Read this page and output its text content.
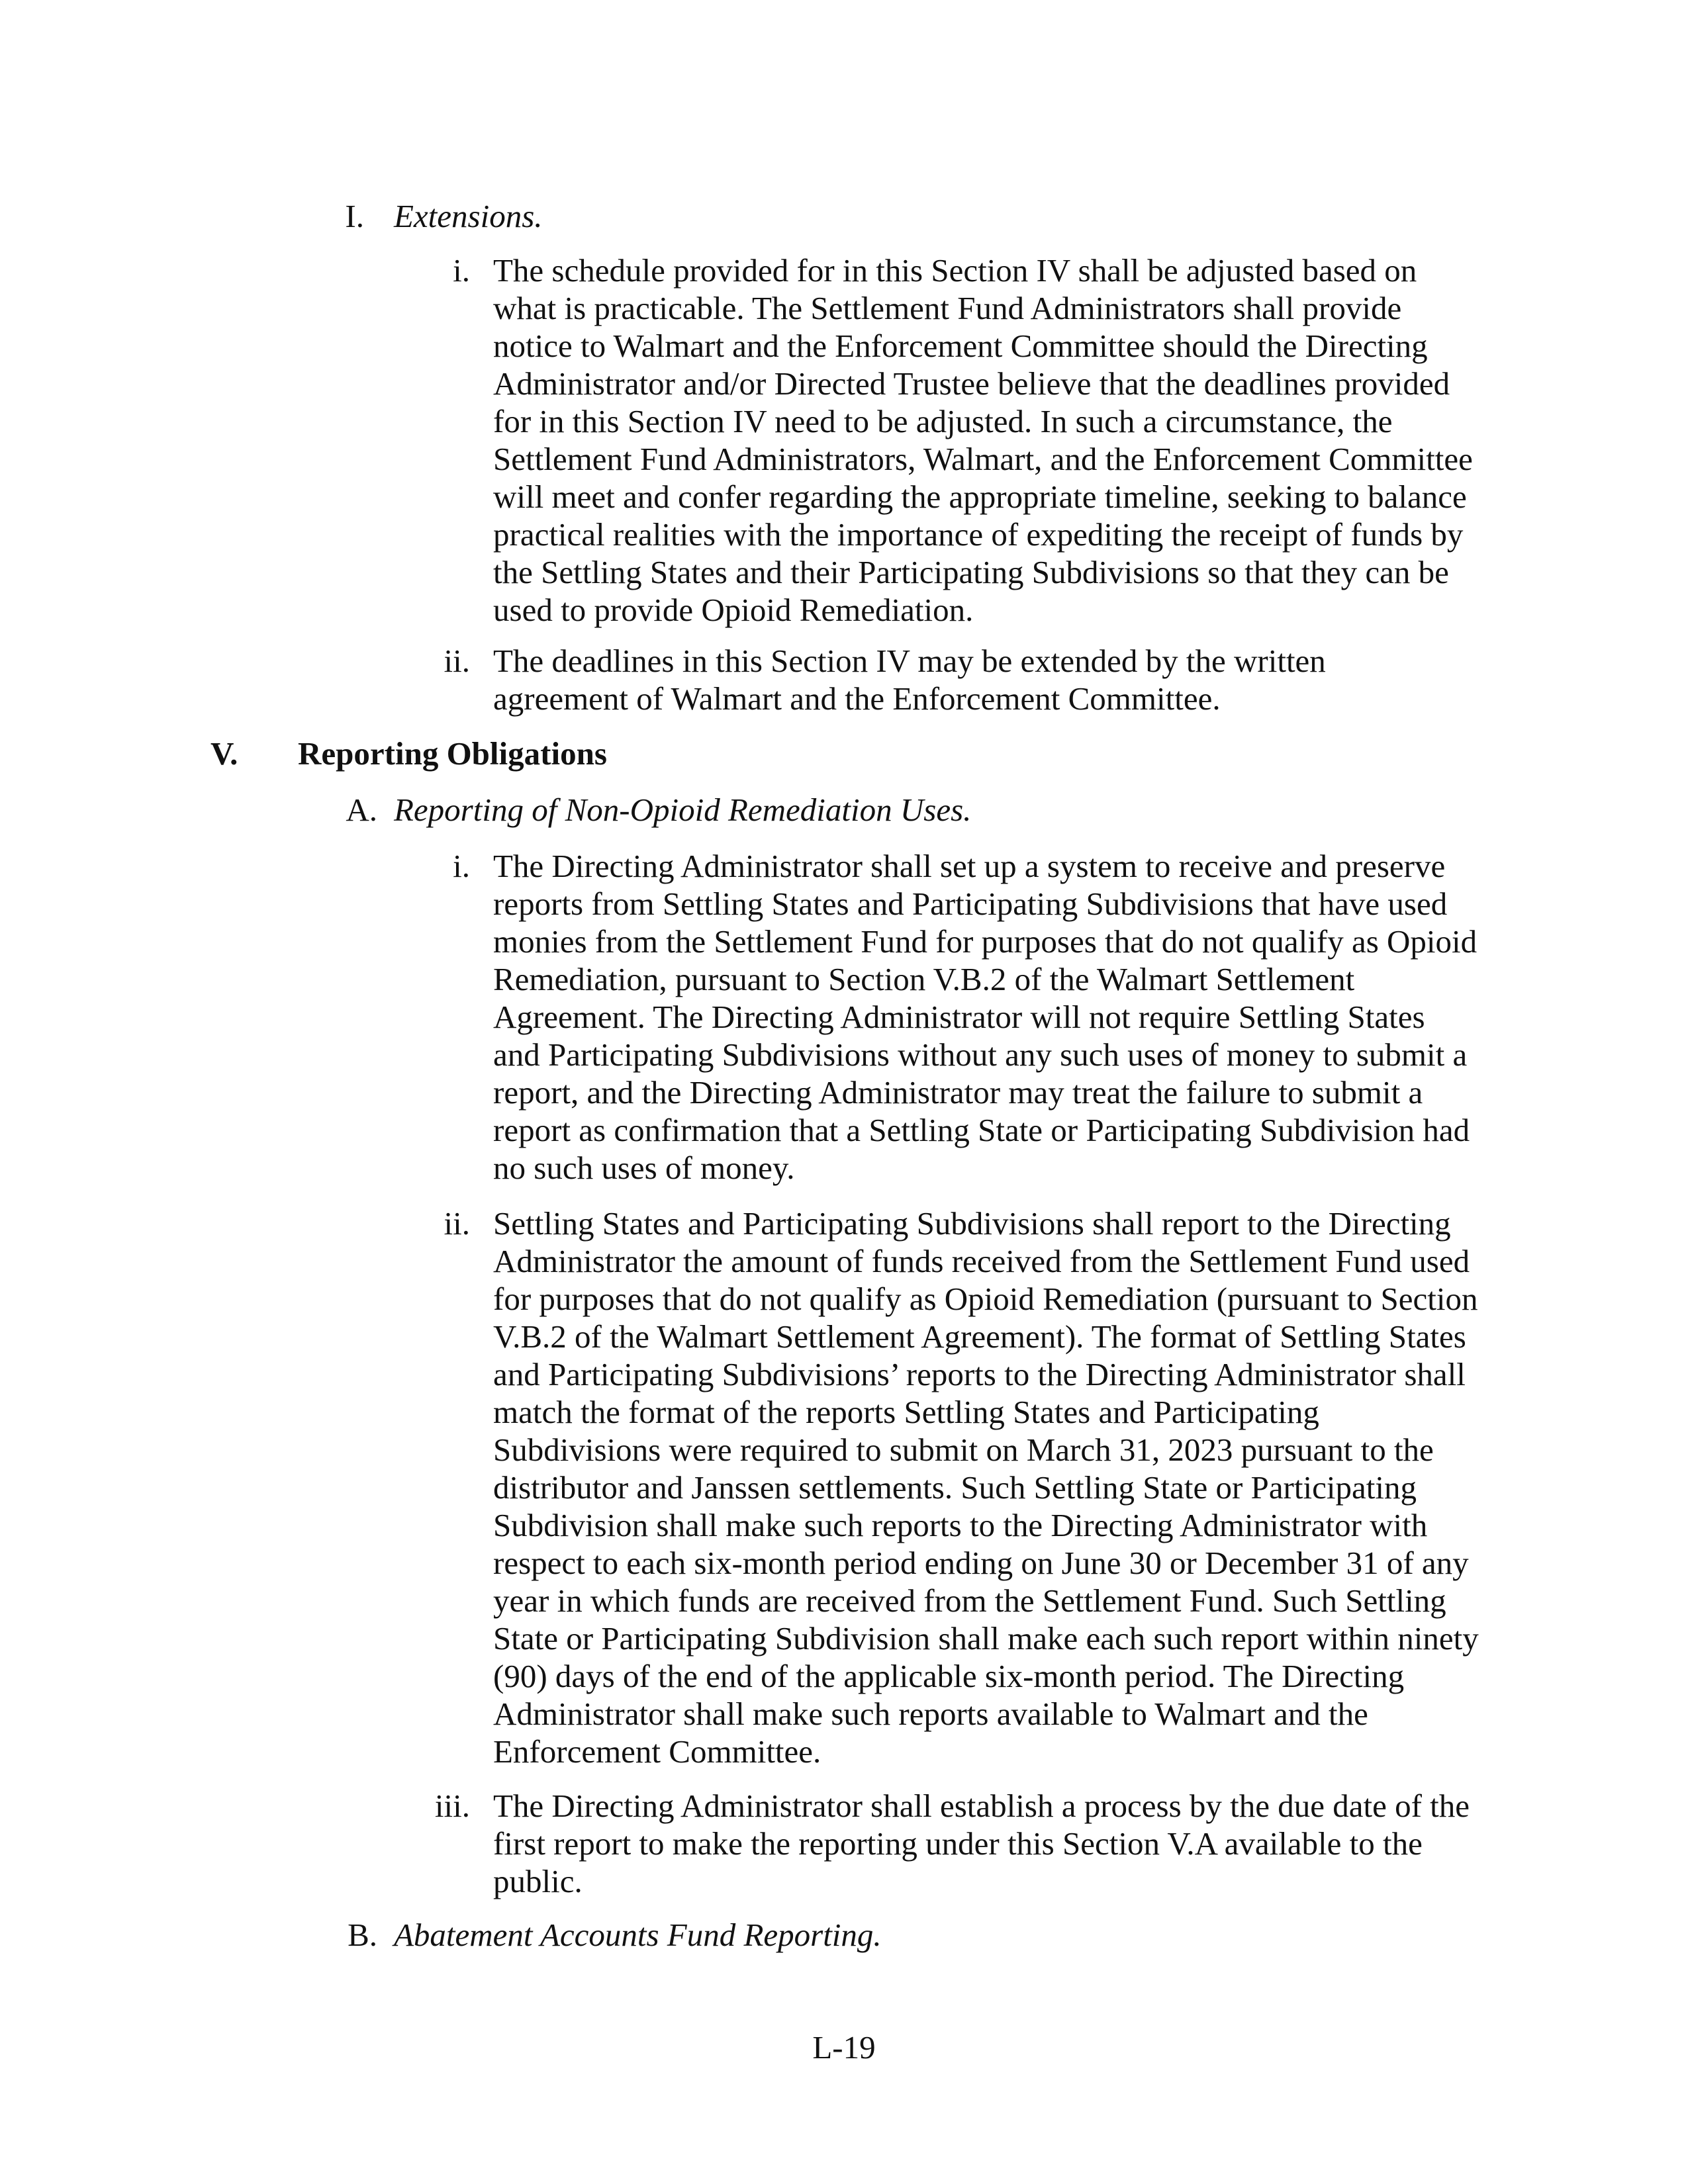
I. Extensions.
i. The schedule provided for in this Section IV shall be adjusted based on what is practicable. The Settlement Fund Administrators shall provide notice to Walmart and the Enforcement Committee should the Directing Administrator and/or Directed Trustee believe that the deadlines provided for in this Section IV need to be adjusted. In such a circumstance, the Settlement Fund Administrators, Walmart, and the Enforcement Committee will meet and confer regarding the appropriate timeline, seeking to balance practical realities with the importance of expediting the receipt of funds by the Settling States and their Participating Subdivisions so that they can be used to provide Opioid Remediation.
ii. The deadlines in this Section IV may be extended by the written agreement of Walmart and the Enforcement Committee.
V. Reporting Obligations
A. Reporting of Non-Opioid Remediation Uses.
i. The Directing Administrator shall set up a system to receive and preserve reports from Settling States and Participating Subdivisions that have used monies from the Settlement Fund for purposes that do not qualify as Opioid Remediation, pursuant to Section V.B.2 of the Walmart Settlement Agreement. The Directing Administrator will not require Settling States and Participating Subdivisions without any such uses of money to submit a report, and the Directing Administrator may treat the failure to submit a report as confirmation that a Settling State or Participating Subdivision had no such uses of money.
ii. Settling States and Participating Subdivisions shall report to the Directing Administrator the amount of funds received from the Settlement Fund used for purposes that do not qualify as Opioid Remediation (pursuant to Section V.B.2 of the Walmart Settlement Agreement). The format of Settling States and Participating Subdivisions’ reports to the Directing Administrator shall match the format of the reports Settling States and Participating Subdivisions were required to submit on March 31, 2023 pursuant to the distributor and Janssen settlements. Such Settling State or Participating Subdivision shall make such reports to the Directing Administrator with respect to each six-month period ending on June 30 or December 31 of any year in which funds are received from the Settlement Fund. Such Settling State or Participating Subdivision shall make each such report within ninety (90) days of the end of the applicable six-month period. The Directing Administrator shall make such reports available to Walmart and the Enforcement Committee.
iii. The Directing Administrator shall establish a process by the due date of the first report to make the reporting under this Section V.A available to the public.
B. Abatement Accounts Fund Reporting.
L-19
